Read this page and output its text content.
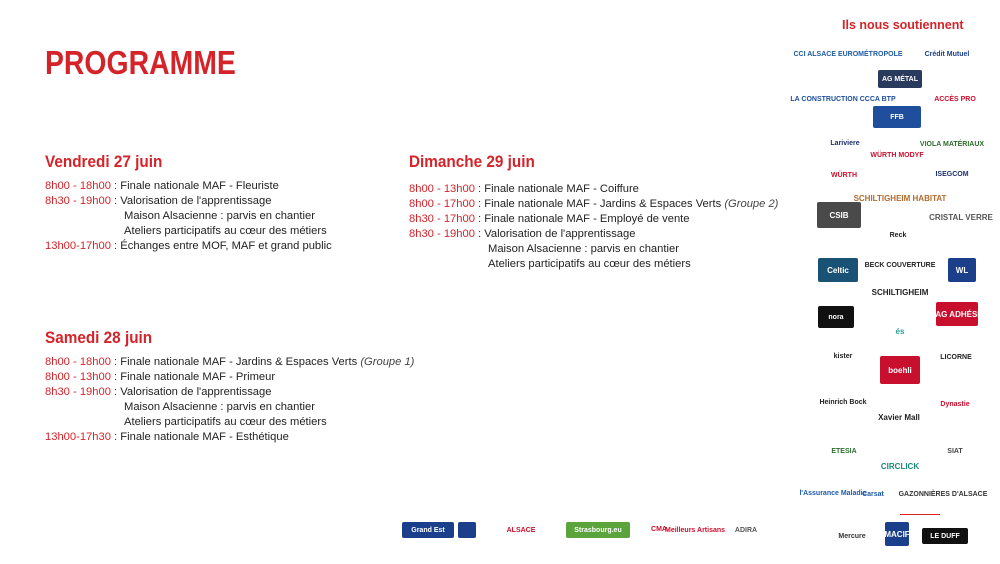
PROGRAMME
Vendredi 27 juin
8h00 - 18h00 : Finale nationale MAF - Fleuriste
8h30 - 19h00 : Valorisation de l'apprentissage
Maison Alsacienne : parvis en chantier
Ateliers participatifs au cœur des métiers
13h00-17h00 : Échanges entre MOF, MAF et grand public
Dimanche 29 juin
8h00 - 13h00 : Finale nationale MAF - Coiffure
8h00 - 17h00 : Finale nationale MAF - Jardins & Espaces Verts
(Groupe 2)
8h30 - 17h00 : Finale nationale MAF - Employé de vente
8h30 - 19h00 : Valorisation de l'apprentissage
Maison Alsacienne : parvis en chantier
Ateliers participatifs au cœur des métiers
Samedi 28 juin
8h00 - 18h00 : Finale nationale MAF - Jardins & Espaces Verts
(Groupe 1)
8h00 - 13h00 : Finale nationale MAF - Primeur
8h30 - 19h00 : Valorisation de l'apprentissage
Maison Alsacienne : parvis en chantier
Ateliers participatifs au cœur des métiers
13h00-17h30 : Finale nationale MAF - Esthétique
Ils nous soutiennent
CCI ALSACE EUROMÉTROPOLE	Crédit Mutuel
AG MÉTAL
LA CONSTRUCTION CCCA BTP	ACCÈS PRO
FFB
Lariviere
WÜRTH MODYF
VIOLA MATÉRIAUX
WÜRTH	ISEGCOM
CSIB
SCHILTIGHEIM HABITAT
CRISTAL VERRE
Reck
Celtic
BECK COUVERTURE
WL
SCHILTIGHEIM
nora
és
SDAG ADHÉSIFS
kister
boehli
LICORNE
Heinrich Bock
Xavier Mall
Dynastie
ETESIA	SIAT
CIRCLICK
l'Assurance Maladie
Carsat	GAZONNIÈRES D'ALSACE
Mercure	MACIF	LE DUFF
Grand Est	ALSACE	Strasbourg.eu	CMA
Meilleurs Artisans	ADIRA
